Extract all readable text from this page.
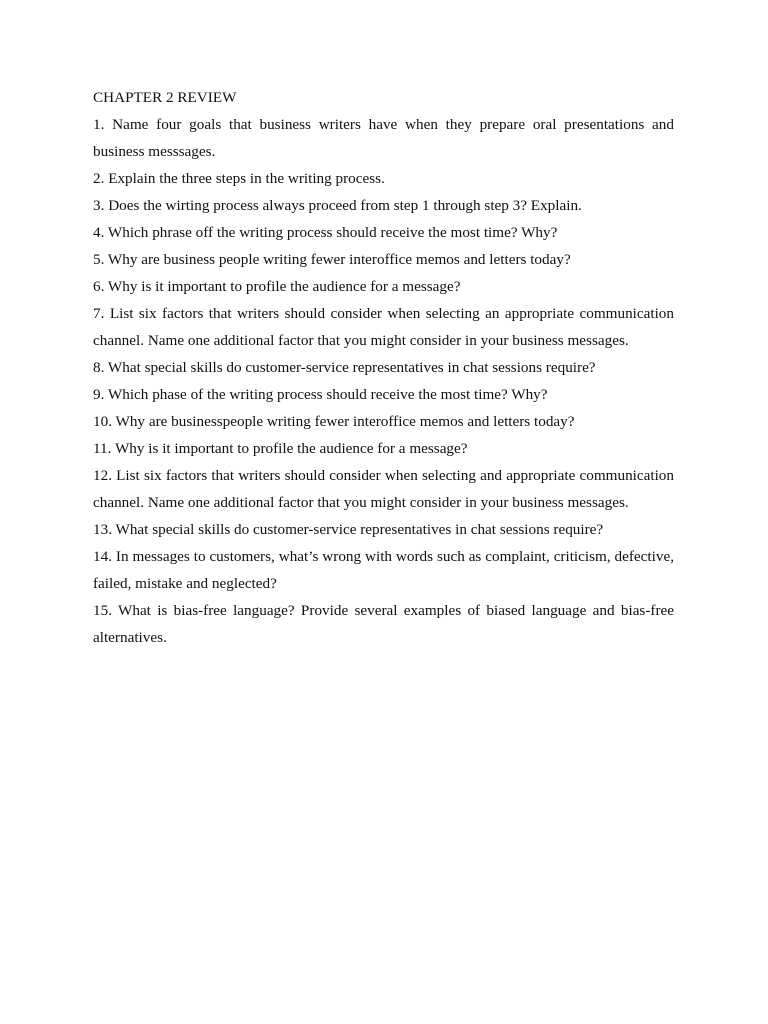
CHAPTER 2 REVIEW
1. Name four goals that business writers have when they prepare oral presentations and business messsages.
2. Explain the three steps in the writing process.
3. Does the wirting process always proceed from step 1 through step 3? Explain.
4. Which phrase off the writing process should receive the most time? Why?
5. Why are business people writing fewer interoffice memos and letters today?
6. Why is it important to profile the audience for a message?
7. List six factors that writers should consider when selecting an appropriate communication channel. Name one additional factor that you might consider in your business messages.
8. What special skills do customer-service representatives in chat sessions require?
9. Which phase of the writing process should receive the most time? Why?
10. Why are businesspeople writing fewer interoffice memos and letters today?
11. Why is it important to profile the audience for a message?
12. List six factors that writers should consider when selecting and appropriate communication channel. Name one additional factor that you might consider in your business messages.
13. What special skills do customer-service representatives in chat sessions require?
14. In messages to customers, what’s wrong with words such as complaint, criticism, defective, failed, mistake and neglected?
15. What is bias-free language? Provide several examples of biased language and bias-free alternatives.
